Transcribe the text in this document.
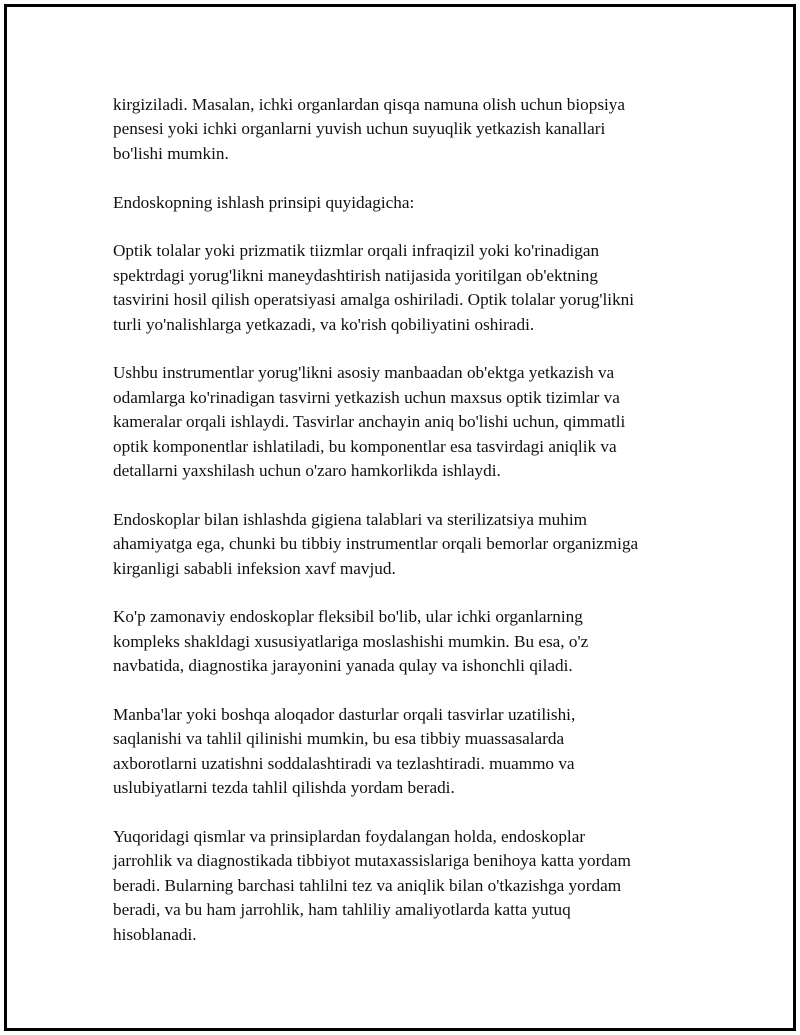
kirgiziladi. Masalan, ichki organlardan qisqa namuna olish uchun biopsiya
pensesi yoki ichki organlarni yuvish uchun suyuqlik yetkazish kanallari
bo'lishi mumkin.

Endoskopning ishlash prinsipi quyidagicha:

Optik tolalar yoki prizmatik tiizmlar orqali infraqizil yoki ko'rinadigan
spektrdagi yorug'likni maneydashtirish natijasida yoritilgan ob'ektning
tasvirini hosil qilish operatsiyasi amalga oshiriladi. Optik tolalar yorug'likni
turli yo'nalishlarga yetkazadi, va ko'rish qobiliyatini oshiradi.

Ushbu instrumentlar yorug'likni asosiy manbaadan ob'ektga yetkazish va
odamlarga ko'rinadigan tasvirni yetkazish uchun maxsus optik tizimlar va
kameralar orqali ishlaydi. Tasvirlar anchayin aniq bo'lishi uchun, qimmatli
optik komponentlar ishlatiladi, bu komponentlar esa tasvirdagi aniqlik va
detallarni yaxshilash uchun o'zaro hamkorlikda ishlaydi.

Endoskoplar bilan ishlashda gigiena talablari va sterilizatsiya muhim
ahamiyatga ega, chunki bu tibbiy instrumentlar orqali bemorlar organizmiga
kirganligi sababli infeksion xavf mavjud.

Ko'p zamonaviy endoskoplar fleksibil bo'lib, ular ichki organlarning
kompleks shakldagi xususiyatlariga moslashishi mumkin. Bu esa, o'z
navbatida, diagnostika jarayonini yanada qulay va ishonchli qiladi.

Manba'lar yoki boshqa aloqador dasturlar orqali tasvirlar uzatilishi,
saqlanishi va tahlil qilinishi mumkin, bu esa tibbiy muassasalarda
axborotlarni uzatishni soddalashtiradi va tezlashtiradi. muammo va
uslubiyatlarni tezda tahlil qilishda yordam beradi.

Yuqoridagi qismlar va prinsiplardan foydalangan holda, endoskoplar
jarrohlik va diagnostikada tibbiyot mutaxassislariga benihoya katta yordam
beradi. Bularning barchasi tahlilni tez va aniqlik bilan o'tkazishga yordam
beradi, va bu ham jarrohlik, ham tahliliy amaliyotlarda katta yutuq
hisoblanadi.
